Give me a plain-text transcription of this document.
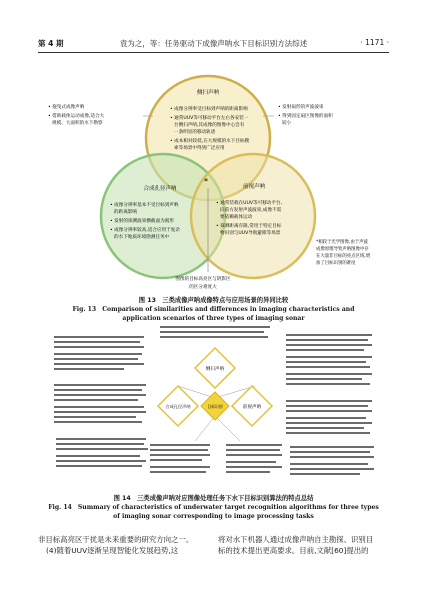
第 4 期	袁为之，等：任务驱动下成像声呐水下目标识别方法综述	· 1171 ·
侧扫声呐
合成孔径声呐	前视声呐
• 成像分辨率受目标到声呐的距离影响
• 通常UUV等可移动平台左右各安装一
台侧扫声呐,其成像的图像中心会有
一条明显的移动轨迹
• 成本相对较低,在大规模的水下目标搜
索等场景中得到广泛应用
• 成像分辨率基本不受目标到声呐
的距离影响
• 发射的探测波束横截面为圆形
• 成像分辨率较高,适合应用于复杂
的水下地质环境勘测任务中
• 通常装载在UUV等可移动平台,
向前方发射声波波束,成像不需
要依赖载体运动
• 探测距离有限,常用于特定目标
物识别与UUV导航避障等场景
*
• 拖曳式成像声呐
• 借助载体运动成像,适合大
规模、大面积的水下勘察
• 发射扇形的声波波束
• 得到固定扇区图像的面积
较小
*相较于光学图像,由于声波
成像原理导致声呐图像中存
在大量非目标的亮点区域,增
加了目标识别的难度
图像的目标高亮区与阴影区
的区分难度大
图 13　三类成像声呐成像特点与应用场景的异同比较
Fig. 13　Comparison of similarities and differences in imaging characteristics and
application scenarios of three types of imaging sonar
侧扫声呐
合成孔径声呐	前视声呐
目标识别
图 14　三类成像声呐对应图像处理任务下水下目标识别算法的特点总结
Fig. 14　Summary of characteristics of underwater target recognition algorithms for three types
of imaging sonar corresponding to image processing tasks
非目标高亮区干扰是未来重要的研究方向之一。
(4)随着UUV逐渐呈现智能化发展趋势,这
将对水下机器人通过成像声呐自主勘探、识别目
标的技术提出更高要求。目前,文献[60]提出的
